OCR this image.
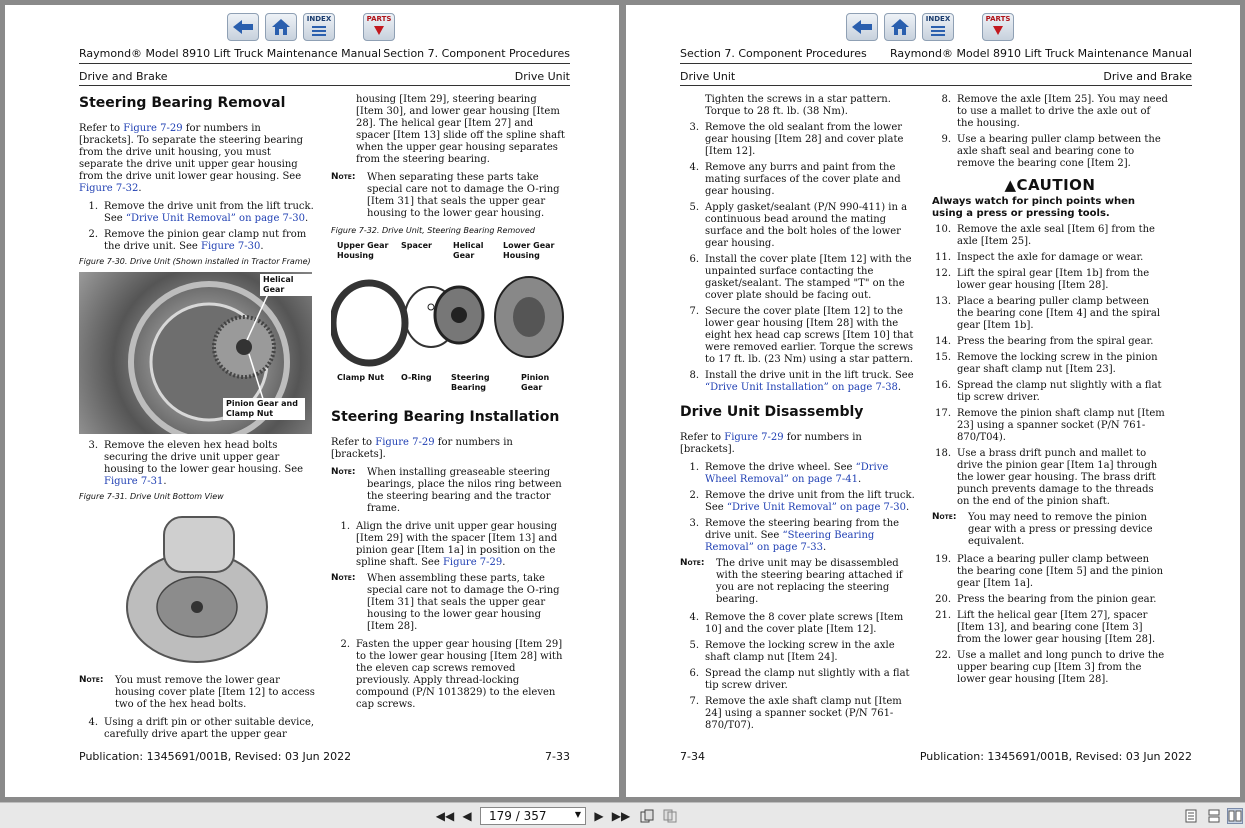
INDEX	PARTS
Raymond® Model 8910 Lift Truck Maintenance Manual Section 7. Component Procedures
Drive and Brake	Drive Unit
Steering Bearing Removal

Refer to Figure 7-29 for numbers in [brackets]. To separate the steering bearing from the drive unit housing, you must separate the drive unit upper gear housing from the drive unit lower gear housing. See Figure 7-32.

1. Remove the drive unit from the lift truck. See “Drive Unit Removal” on page 7-30.
2. Remove the pinion gear clamp nut from the drive unit. See Figure 7-30.
Figure 7-30. Drive Unit (Shown installed in Tractor Frame)
Helical Gear
Pinion Gear and Clamp Nut
3. Remove the eleven hex head bolts securing the drive unit upper gear housing to the lower gear housing. See Figure 7-31.
Figure 7-31. Drive Unit Bottom View
Note:	You must remove the lower gear housing cover plate [Item 12] to access two of the hex head bolts.
4. Using a drift pin or other suitable device, carefully drive apart the upper gear

housing [Item 29], steering bearing [Item 30], and lower gear housing [Item 28]. The helical gear [Item 27] and spacer [Item 13] slide off the spline shaft when the upper gear housing separates from the steering bearing.

Note:	When separating these parts take special care not to damage the O-ring [Item 31] that seals the upper gear housing to the lower gear housing.
Figure 7-32. Drive Unit, Steering Bearing Removed
Upper Gear Housing
Spacer	Helical Gear
Lower Gear Housing
Clamp Nut	O-Ring	Steering Bearing
Pinion Gear
Steering Bearing Installation

Refer to Figure 7-29 for numbers in [brackets].

Note:	When installing greaseable steering bearings, place the nilos ring between the steering bearing and the tractor frame.
1. Align the drive unit upper gear housing [Item 29] with the spacer [Item 13] and pinion gear [Item 1a] in position on the spline shaft. See Figure 7-29.
Note:	When assembling these parts, take special care not to damage the O-ring [Item 31] that seals the upper gear housing to the lower gear housing [Item 28].
2. Fasten the upper gear housing [Item 29] to the lower gear housing [Item 28] with the eleven cap screws removed previously. Apply thread-locking compound (P/N 1013829) to the eleven cap screws.
Publication: 1345691/001B, Revised: 03 Jun 2022	7-33
INDEX	PARTS
Section 7. Component Procedures Raymond® Model 8910 Lift Truck Maintenance Manual
Drive Unit	Drive and Brake

Tighten the screws in a star pattern. Torque to 28 ft. lb. (38 Nm).

3. Remove the old sealant from the lower gear housing [Item 28] and cover plate [Item 12].
4. Remove any burrs and paint from the mating surfaces of the cover plate and gear housing.
5. Apply gasket/sealant (P/N 990-411) in a continuous bead around the mating surface and the bolt holes of the lower gear housing.
6. Install the cover plate [Item 12] with the unpainted surface contacting the gasket/sealant. The stamped "T" on the cover plate should be facing out.
7. Secure the cover plate [Item 12] to the lower gear housing [Item 28] with the eight hex head cap screws [Item 10] that were removed earlier. Torque the screws to 17 ft. lb. (23 Nm) using a star pattern.
8. Install the drive unit in the lift truck. See “Drive Unit Installation” on page 7-38.
Drive Unit Disassembly

Refer to Figure 7-29 for numbers in [brackets].

1. Remove the drive wheel. See “Drive Wheel Removal” on page 7-41.
2. Remove the drive unit from the lift truck. See “Drive Unit Removal” on page 7-30.
3. Remove the steering bearing from the drive unit. See “Steering Bearing Removal” on page 7-33.
Note:	The drive unit may be disassembled with the steering bearing attached if you are not replacing the steering bearing.
4. Remove the 8 cover plate screws [Item 10] and the cover plate [Item 12].
5. Remove the locking screw in the axle shaft clamp nut [Item 24].
6. Spread the clamp nut slightly with a flat tip screw driver.
7. Remove the axle shaft clamp nut [Item 24] using a spanner socket (P/N 761-870/T07).
8. Remove the axle [Item 25]. You may need to use a mallet to drive the axle out of the housing.
9. Use a bearing puller clamp between the axle shaft seal and bearing cone to remove the bearing cone [Item 2].
▲CAUTION
Always watch for pinch points when using a press or pressing tools.
10. Remove the axle seal [Item 6] from the axle [Item 25].
11. Inspect the axle for damage or wear.
12. Lift the spiral gear [Item 1b] from the lower gear housing [Item 28].
13. Place a bearing puller clamp between the bearing cone [Item 4] and the spiral gear [Item 1b].
14. Press the bearing from the spiral gear.
15. Remove the locking screw in the pinion gear shaft clamp nut [Item 23].
16. Spread the clamp nut slightly with a flat tip screw driver.
17. Remove the pinion shaft clamp nut [Item 23] using a spanner socket (P/N 761-870/T04).
18. Use a brass drift punch and mallet to drive the pinion gear [Item 1a] through the lower gear housing. The brass drift punch prevents damage to the threads on the end of the pinion shaft.
Note:	You may need to remove the pinion gear with a press or pressing device equivalent.
19. Place a bearing puller clamp between the bearing cone [Item 5] and the pinion gear [Item 1a].
20. Press the bearing from the pinion gear.
21. Lift the helical gear [Item 27], spacer [Item 13], and bearing cone [Item 3] from the lower gear housing [Item 28].
22. Use a mallet and long punch to drive the upper bearing cup [Item 3] from the lower gear housing [Item 28].
7-34	Publication: 1345691/001B, Revised: 03 Jun 2022
◀◀ ◀ 179 / 357	▼ ▶ ▶▶
